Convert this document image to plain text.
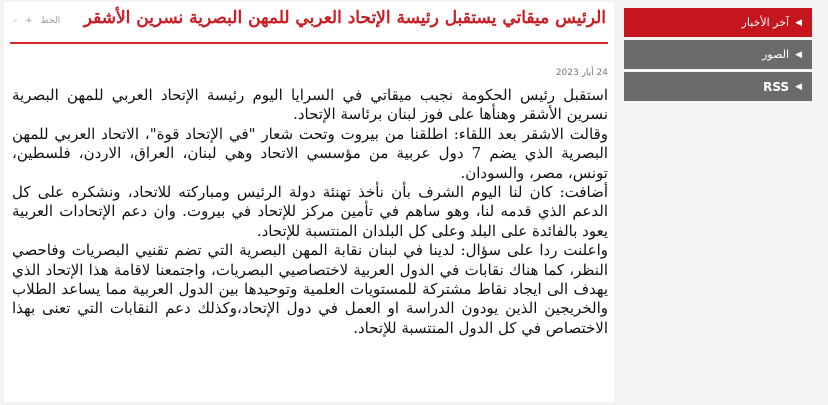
الرئيس ميقاتي يستقبل رئيسة الإتحاد العربي للمهن البصرية نسرين الأشقر
- + الخط
24 أيار 2023

استقبل رئيس الحكومة نجيب ميقاتي في السرايا اليوم رئيسة الإتحاد العربي للمهن البصرية نسرين الأشقر وهنأها على فوز لبنان برئاسة الإتحاد.

وقالت الاشقر بعد اللقاء: اطلقنا من بيروت وتحت شعار "في الإتحاد قوة"، الاتحاد العربي للمهن البصرية الذي يضم 7 دول عربية من مؤسسي الاتحاد وهي لبنان، العراق، الاردن، فلسطين، تونس، مصر، والسودان.

أضافت: كان لنا اليوم الشرف بأن نأخذ تهنئة دولة الرئيس ومباركته للاتحاد، ونشكره على كل الدعم الذي قدمه لنا، وهو ساهم في تأمين مركز للإتحاد في بيروت. وان دعم الإتحادات العربية يعود بالفائدة على البلد وعلى كل البلدان المنتسبة للإتحاد.

واعلنت ردا على سؤال: لدينا في لبنان نقابة المهن البصرية التي تضم تقنيي البصريات وفاحصي النظر، كما هناك نقابات في الدول العربية لاختصاصيي البصريات، واجتمعنا لاقامة هذا الإتحاد الذي يهدف الى ايجاد نقاط مشتركة للمستويات العلمية وتوحيدها بين الدول العربية مما يساعد الطلاب والخريجين الذين يودون الدراسة او العمل في دول الإتحاد،وكذلك دعم النقابات التي تعنى بهذا الاختصاص في كل الدول المنتسبة للإتحاد.

◀
آخر الأخبار
◀
الصور
◀
RSS
